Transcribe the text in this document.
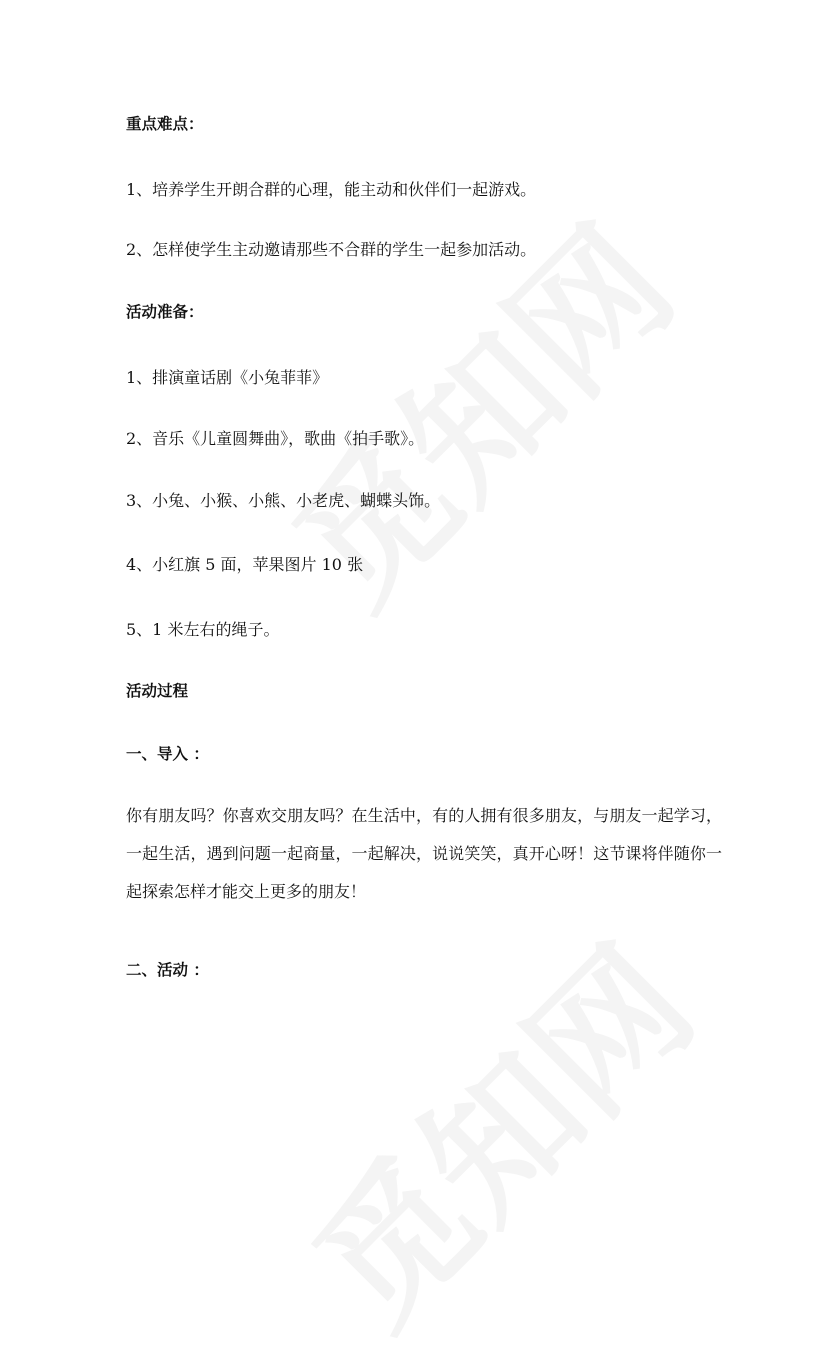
重点难点：
1、培养学生开朗合群的心理，能主动和伙伴们一起游戏。
2、怎样使学生主动邀请那些不合群的学生一起参加活动。
活动准备：
1、排演童话剧《小兔菲菲》
2、音乐《儿童圆舞曲》，歌曲《拍手歌》。
3、小兔、小猴、小熊、小老虎、蝴蝶头饰。
4、小红旗 5 面，苹果图片 10 张
5、1 米左右的绳子。
活动过程
一、导入 ：
你有朋友吗？你喜欢交朋友吗？在生活中，有的人拥有很多朋友，与朋友一起学习，一起生活，遇到问题一起商量，一起解决，说说笑笑，真开心呀！这节课将伴随你一起探索怎样才能交上更多的朋友！
二、活动 ：
